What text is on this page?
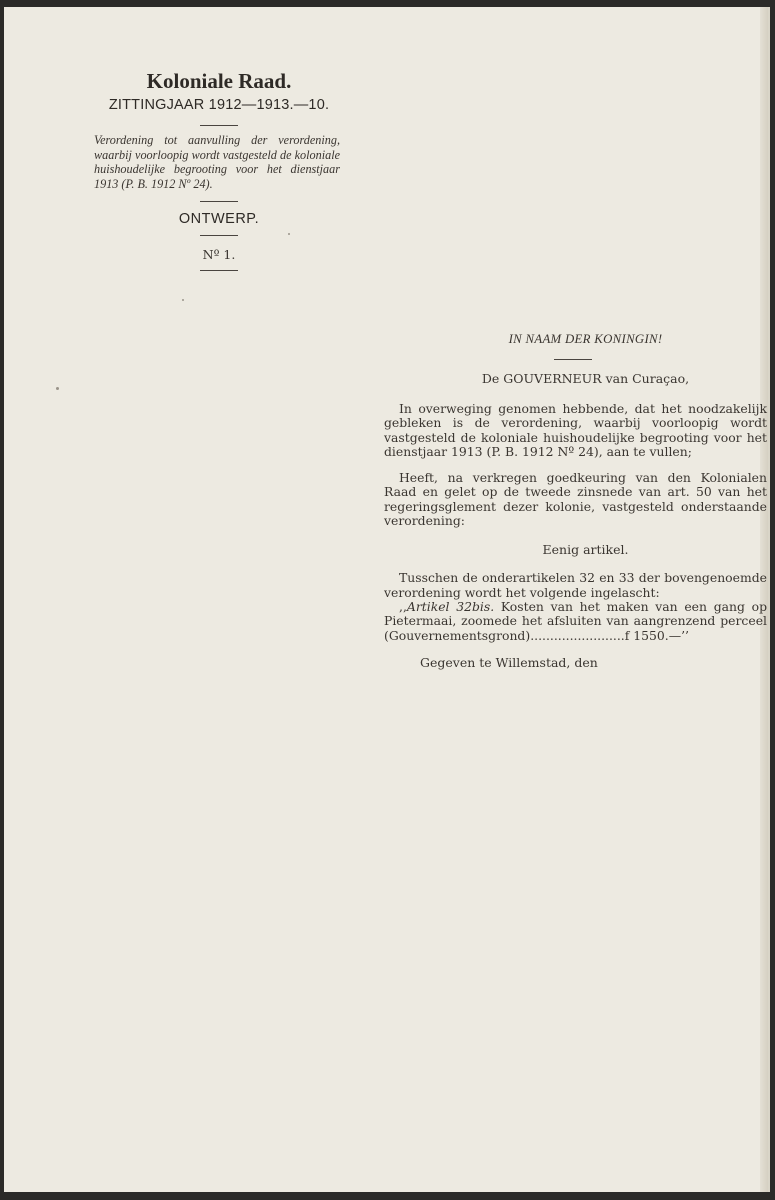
Koloniale Raad.
ZITTINGJAAR 1912—1913.—10.

Verordening tot aanvulling der verordening, waarbij voorloopig wordt vastgesteld de koloniale huishoudelijke begrooting voor het dienstjaar 1913 (P. B. 1912 Nº 24).

ONTWERP.
Nº 1.
IN NAAM DER KONINGIN!
De GOUVERNEUR van Curaçao,

In overweging genomen hebbende, dat het noodzakelijk gebleken is de verordening, waarbij voorloopig wordt vastgesteld de koloniale huishoudelijke begrooting voor het dienstjaar 1913 (P. B. 1912 Nº 24), aan te vullen;

Heeft, na verkregen goedkeuring van den Kolonialen Raad en gelet op de tweede zinsnede van art. 50 van het regeringsglement dezer kolonie, vastgesteld onderstaande verordening:

Eenig artikel.

Tusschen de onderartikelen 32 en 33 der bovengenoemde verordening wordt het volgende ingelascht:

,,Artikel 32bis. Kosten van het maken van een gang op Pietermaai, zoomede het afsluiten van aangrenzend perceel (Gouvernementsgrond)........................f 1550.—’’

Gegeven te Willemstad, den
